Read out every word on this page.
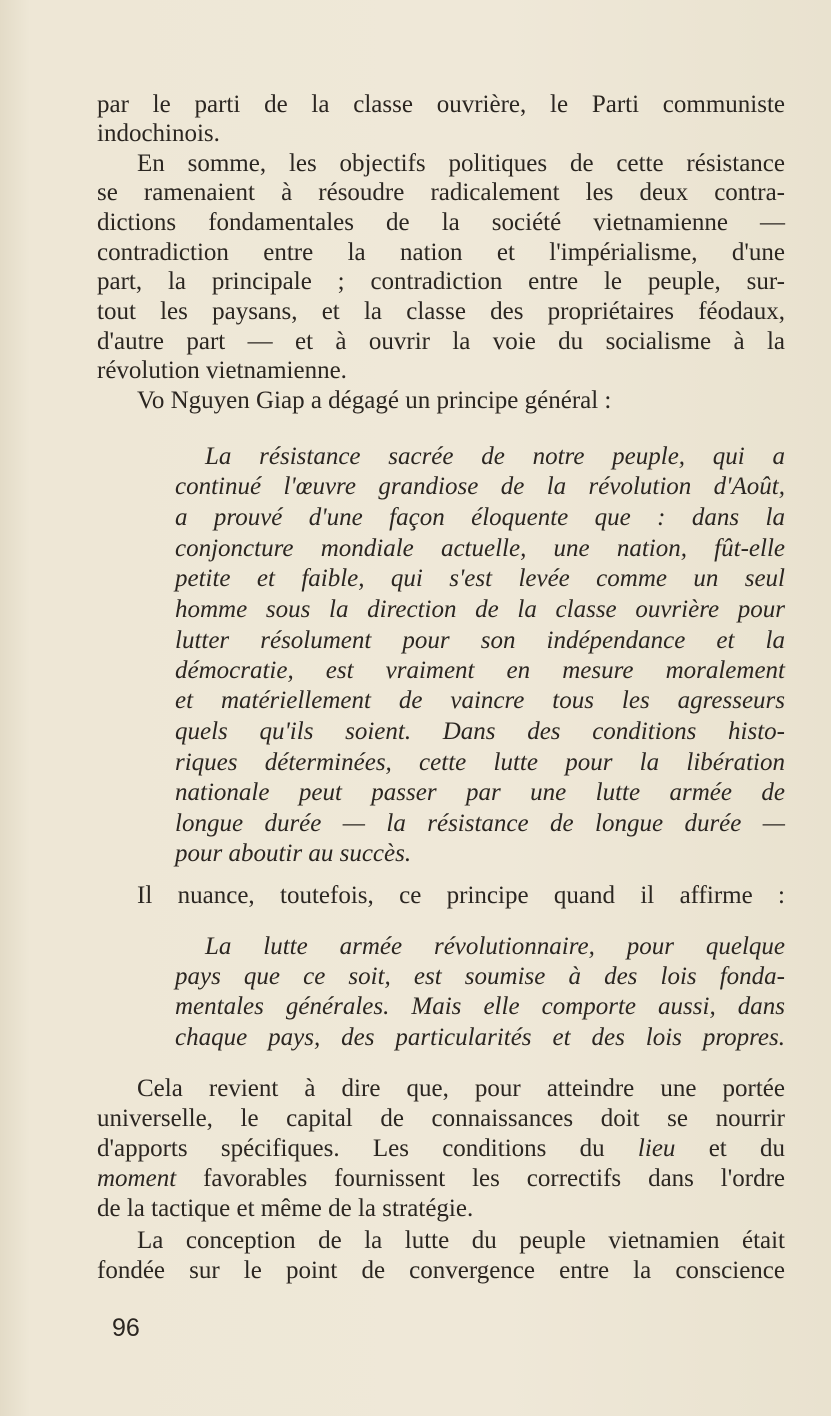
par le parti de la classe ouvrière, le Parti communiste
indochinois.
En somme, les objectifs politiques de cette résistance
se ramenaient à résoudre radicalement les deux contra-
dictions fondamentales de la société vietnamienne —
contradiction entre la nation et l'impérialisme, d'une
part, la principale ; contradiction entre le peuple, sur-
tout les paysans, et la classe des propriétaires féodaux,
d'autre part — et à ouvrir la voie du socialisme à la
révolution vietnamienne.
Vo Nguyen Giap a dégagé un principe général :
La résistance sacrée de notre peuple, qui a
continué l'œuvre grandiose de la révolution d'Août,
a prouvé d'une façon éloquente que : dans la
conjoncture mondiale actuelle, une nation, fût-elle
petite et faible, qui s'est levée comme un seul
homme sous la direction de la classe ouvrière pour
lutter résolument pour son indépendance et la
démocratie, est vraiment en mesure moralement
et matériellement de vaincre tous les agresseurs
quels qu'ils soient. Dans des conditions histo-
riques déterminées, cette lutte pour la libération
nationale peut passer par une lutte armée de
longue durée — la résistance de longue durée —
pour aboutir au succès.
Il nuance, toutefois, ce principe quand il affirme :
La lutte armée révolutionnaire, pour quelque
pays que ce soit, est soumise à des lois fonda-
mentales générales. Mais elle comporte aussi, dans
chaque pays, des particularités et des lois propres.
Cela revient à dire que, pour atteindre une portée
universelle, le capital de connaissances doit se nourrir
d'apports spécifiques. Les conditions du lieu et du
moment favorables fournissent les correctifs dans l'ordre
de la tactique et même de la stratégie.
La conception de la lutte du peuple vietnamien était
fondée sur le point de convergence entre la conscience
96
